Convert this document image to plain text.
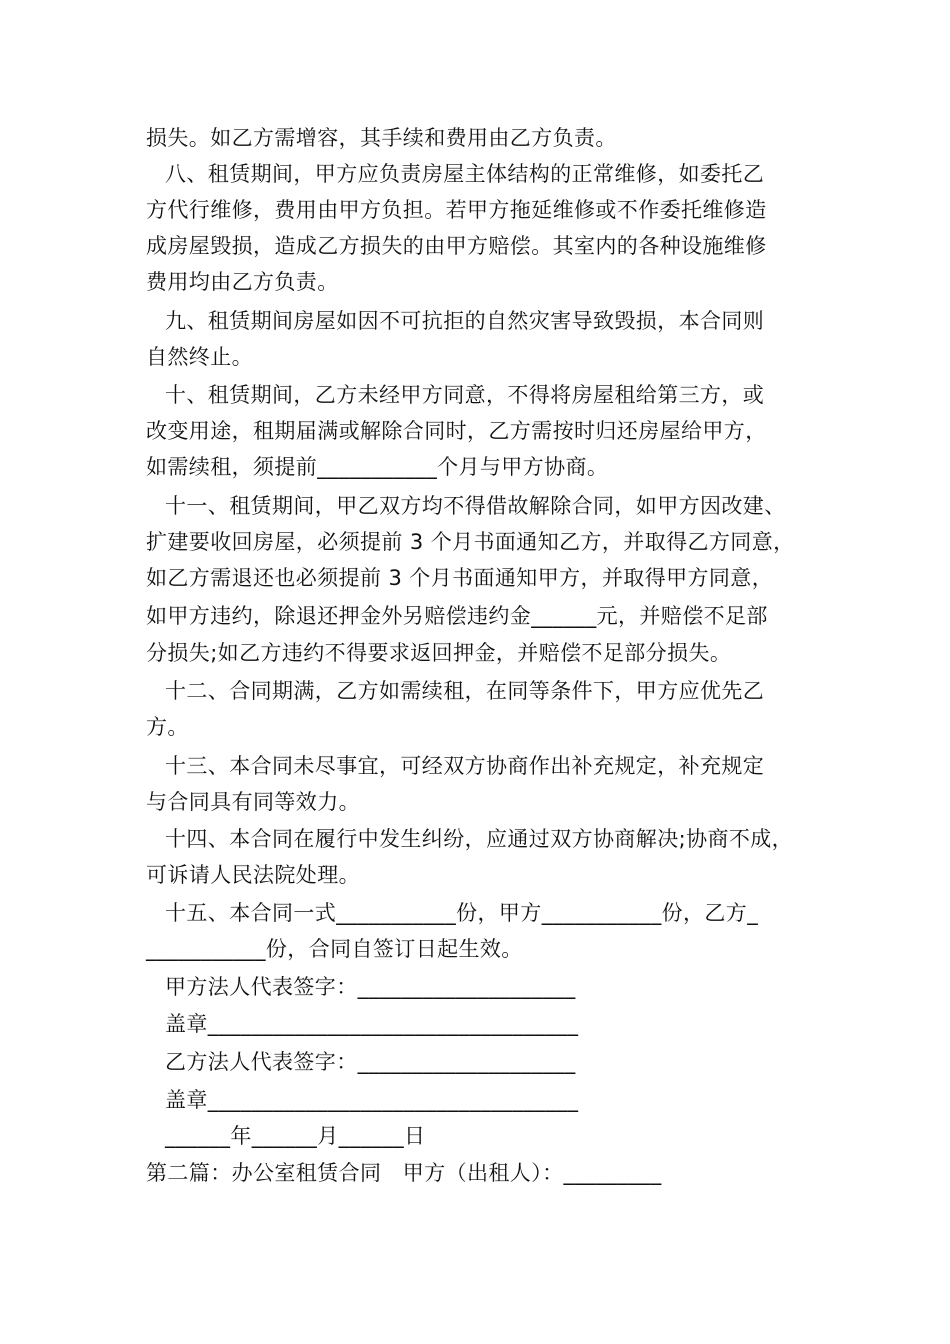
损失。如乙方需增容，其手续和费用由乙方负责。
八、租赁期间，甲方应负责房屋主体结构的正常维修，如委托乙
方代行维修，费用由甲方负担。若甲方拖延维修或不作委托维修造
成房屋毁损，造成乙方损失的由甲方赔偿。其室内的各种设施维修
费用均由乙方负责。
九、租赁期间房屋如因不可抗拒的自然灾害导致毁损，本合同则
自然终止。
十、租赁期间，乙方未经甲方同意，不得将房屋租给第三方，或
改变用途，租期届满或解除合同时，乙方需按时归还房屋给甲方，
如需续租，须提前___________个月与甲方协商。
十一、租赁期间，甲乙双方均不得借故解除合同，如甲方因改建、
扩建要收回房屋，必须提前 3 个月书面通知乙方，并取得乙方同意，
如乙方需退还也必须提前 3 个月书面通知甲方，并取得甲方同意，
如甲方违约，除退还押金外另赔偿违约金______元，并赔偿不足部
分损失;如乙方违约不得要求返回押金，并赔偿不足部分损失。
十二、合同期满，乙方如需续租，在同等条件下，甲方应优先乙
方。
十三、本合同未尽事宜，可经双方协商作出补充规定，补充规定
与合同具有同等效力。
十四、本合同在履行中发生纠纷，应通过双方协商解决;协商不成，
可诉请人民法院处理。
十五、本合同一式___________份，甲方___________份，乙方_
___________份，合同自签订日起生效。
甲方法人代表签字：____________________
盖章__________________________________
乙方法人代表签字：____________________
盖章__________________________________
______年______月______日
第二篇：办公室租赁合同　甲方（出租人）：_________
